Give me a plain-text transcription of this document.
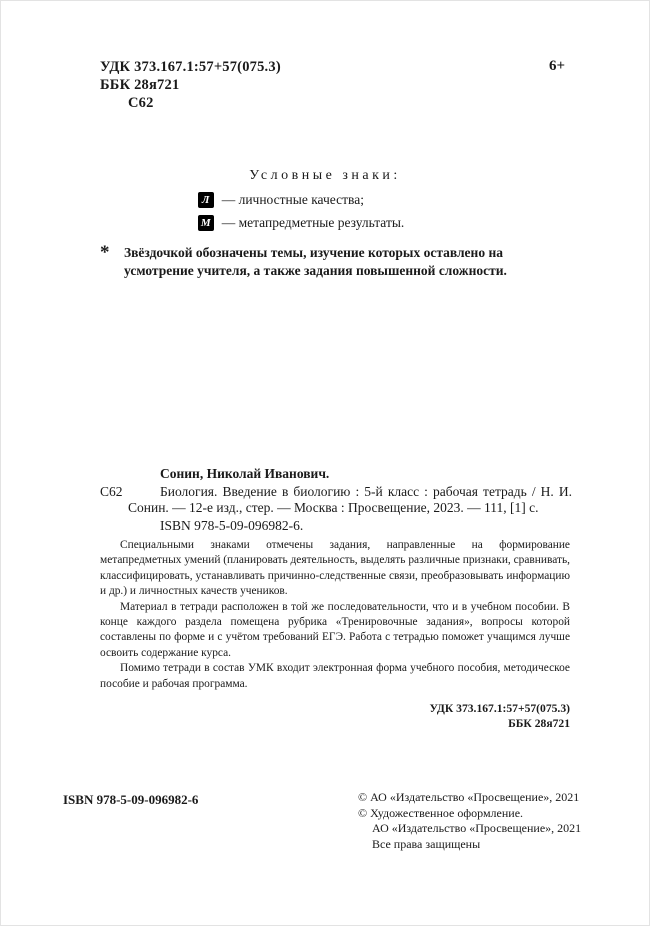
УДК 373.167.1:57+57(075.3)
ББК 28я721
С62
6+
Условные знаки:
Л — личностные качества;
М — метапредметные результаты.
*	Звёздочкой обозначены темы, изучение которых оставлено на усмотрение учителя, а также задания повышенной сложности.
Сонин, Николай Иванович.
С62	Биология. Введение в биологию : 5-й класс : рабочая тетрадь / Н. И. Сонин. — 12-е изд., стер. — Москва : Просвещение, 2023. — 111, [1] с.
ISBN 978-5-09-096982-6.

Специальными знаками отмечены задания, направленные на формирование метапредметных умений (планировать деятельность, выделять различные признаки, сравнивать, классифицировать, устанавливать причинно-следственные связи, преобразовывать информацию и др.) и личностных качеств учеников.

Материал в тетради расположен в той же последовательности, что и в учебном пособии. В конце каждого раздела помещена рубрика «Тренировочные задания», вопросы которой составлены по форме и с учётом требований ЕГЭ. Работа с тетрадью поможет учащимся лучше освоить содержание курса.

Помимо тетради в состав УМК входит электронная форма учебного пособия, методическое пособие и рабочая программа.

УДК 373.167.1:57+57(075.3)
ББК 28я721
ISBN 978-5-09-096982-6	© АО «Издательство «Просвещение», 2021
© Художественное оформление.
АО «Издательство «Просвещение», 2021
Все права защищены
